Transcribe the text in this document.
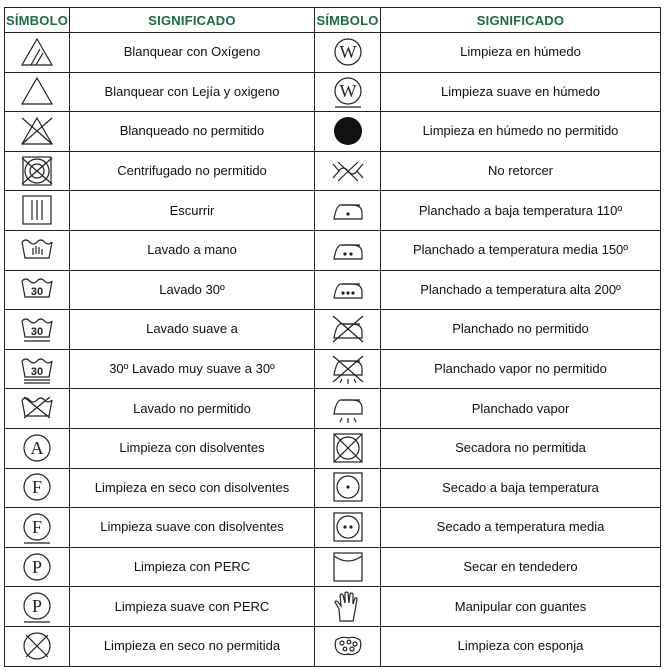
SÍMBOLO	SIGNIFICADO	SÍMBOLO	SIGNIFICADO

	Blanquear con Oxígeno	W	Limpieza en húmedo

	Blanquear con Lejía y oxigeno	W	Limpieza suave en húmedo

	Blanqueado no permitido		Limpieza en húmedo no permitido

	Centrifugado no permitido		No retorcer

	Escurrir		Planchado a baja temperatura 110º

	Lavado a mano		Planchado a temperatura media 150º

30	Lavado 30º		Planchado a temperatura alta 200º

30	Lavado suave a		Planchado no permitido

30	30º Lavado muy suave a 30º		Planchado vapor no permitido

	Lavado no permitido		Planchado vapor

A	Limpieza con disolventes		Secadora no permitida

F	Limpieza en seco con disolventes		Secado a baja temperatura

F	Limpieza suave con disolventes		Secado a temperatura media

P	Limpieza con PERC		Secar en tendedero

P	Limpieza suave con PERC		Manipular con guantes

	Limpieza en seco no permitida		Limpieza con esponja
